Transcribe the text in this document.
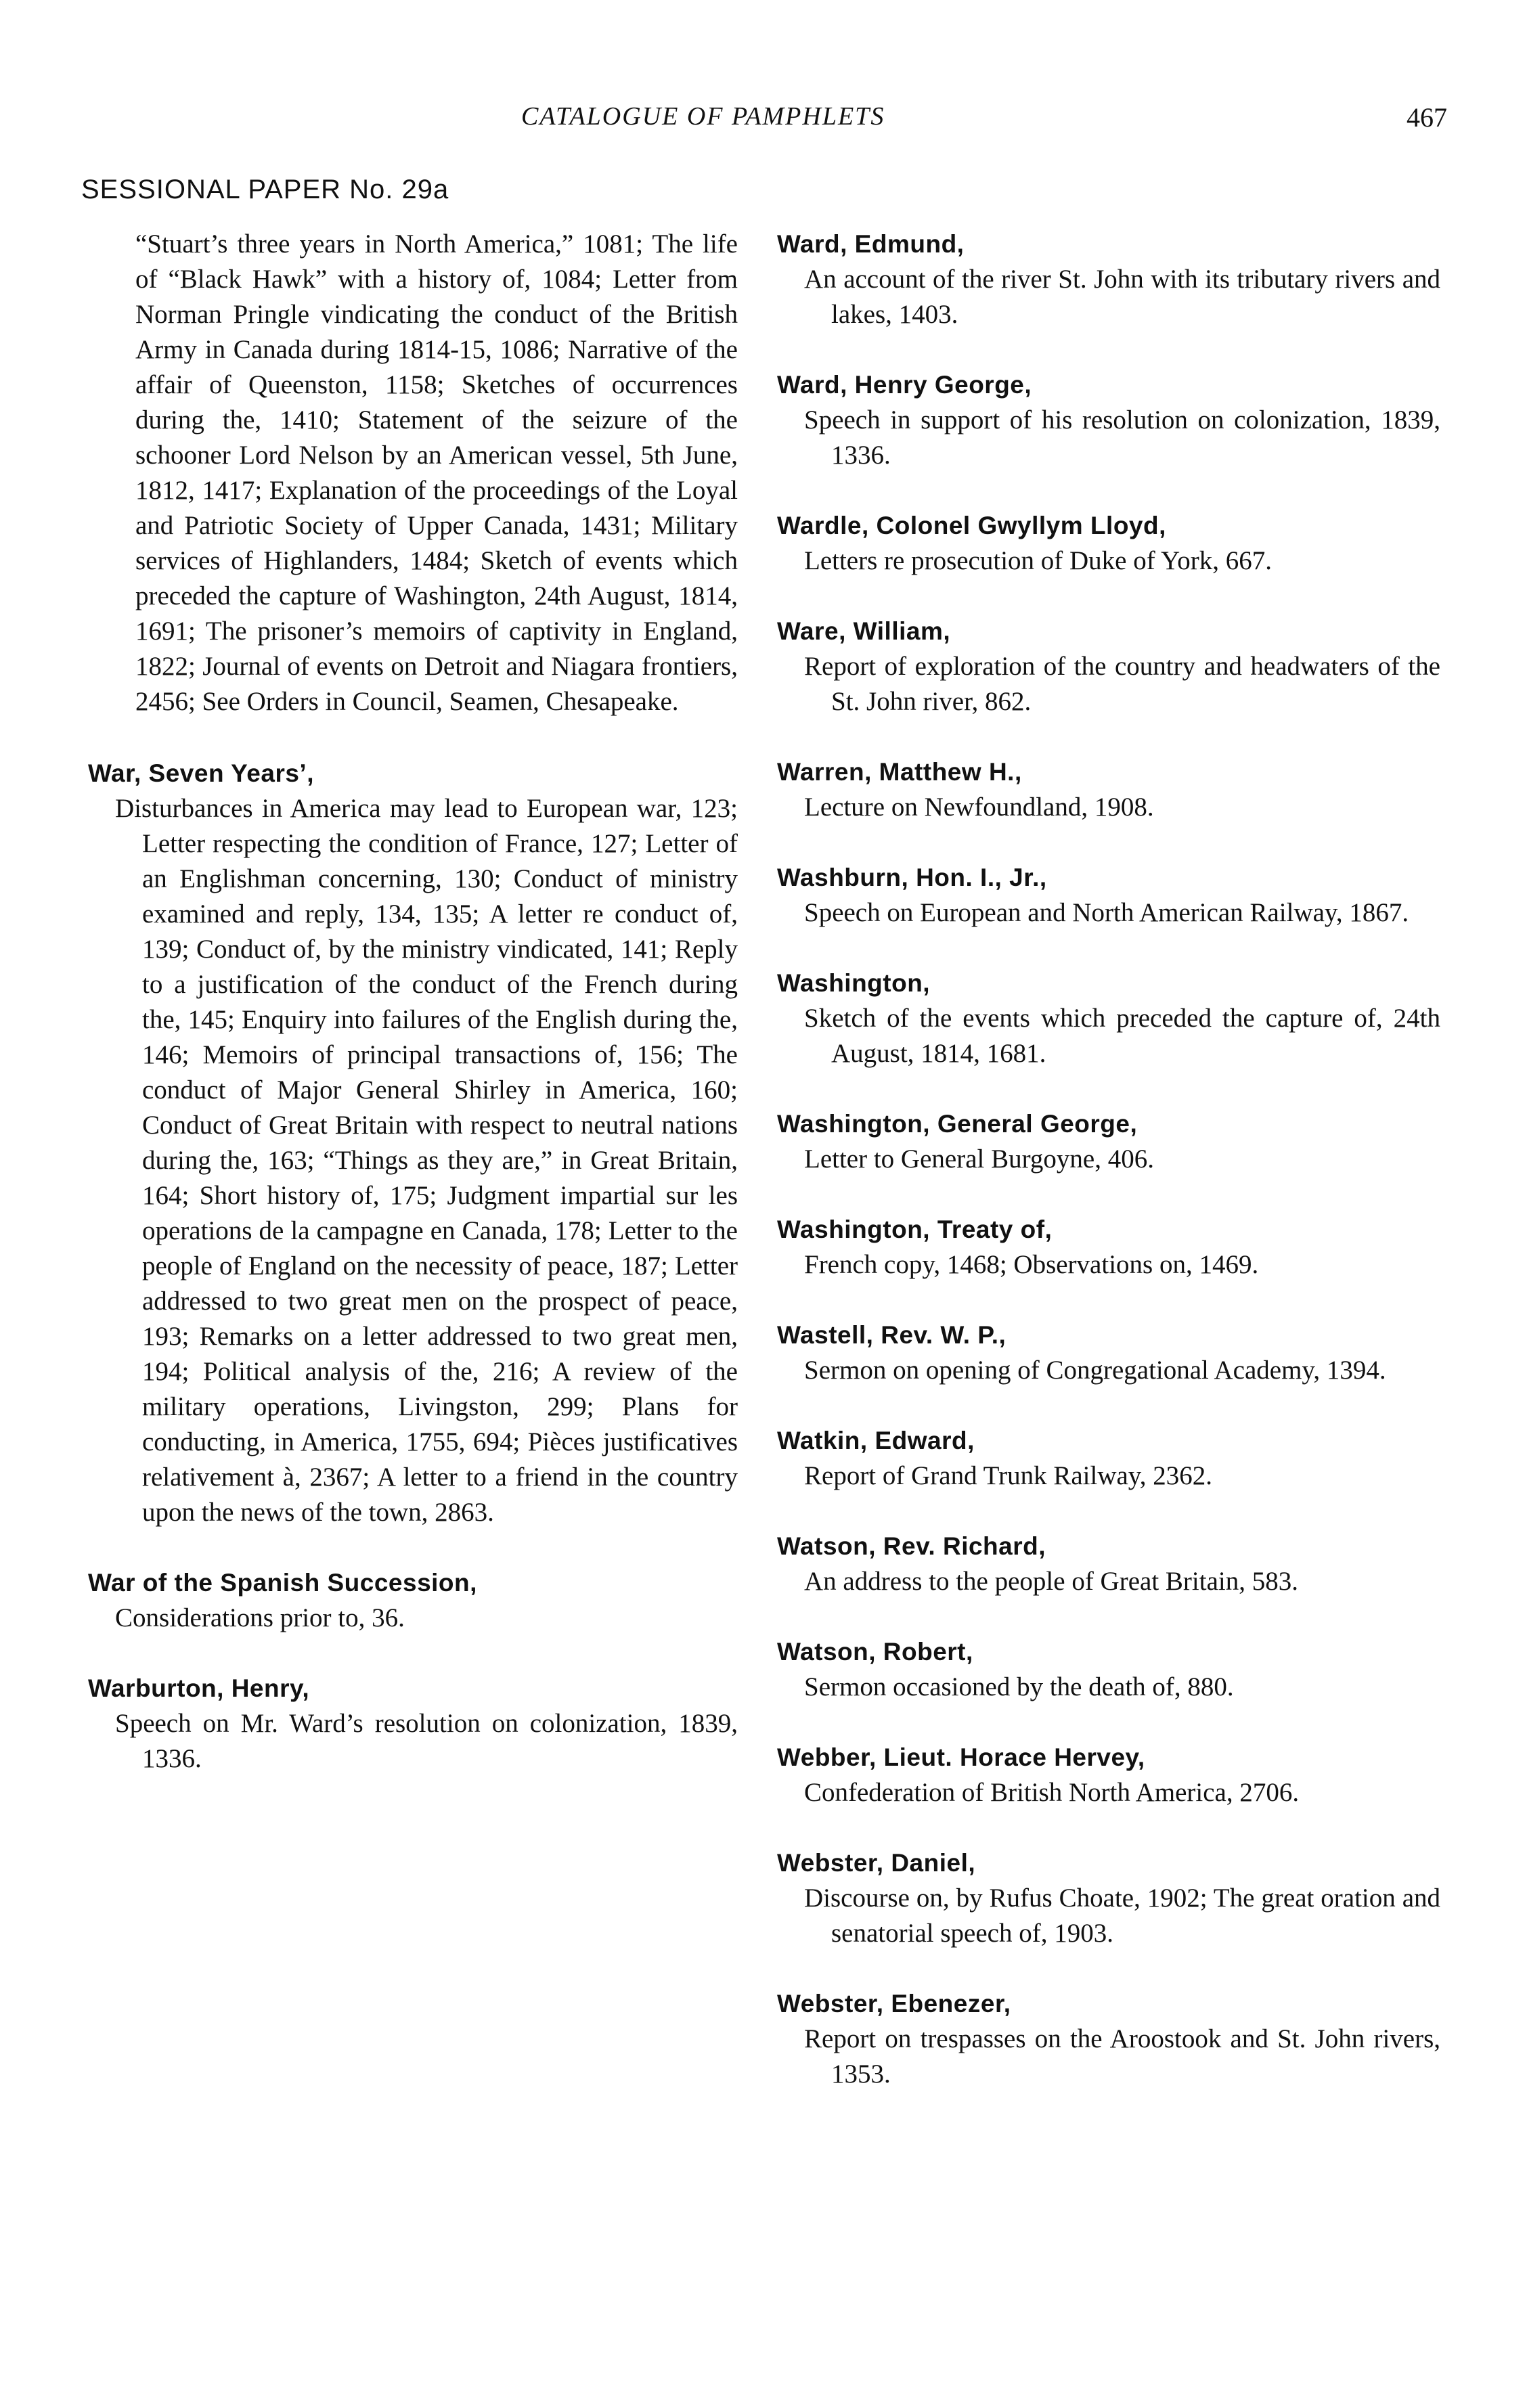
CATALOGUE OF PAMPHLETS	467
SESSIONAL PAPER No. 29a

“Stuart’s three years in North America,” 1081; The life of “Black Hawk” with a history of, 1084; Letter from Norman Pringle vindicating the conduct of the British Army in Canada during 1814-15, 1086; Narrative of the affair of Queenston, 1158; Sketches of occurrences during the, 1410; Statement of the seizure of the schooner Lord Nelson by an American vessel, 5th June, 1812, 1417; Explanation of the proceedings of the Loyal and Patriotic Society of Upper Canada, 1431; Military services of Highlanders, 1484; Sketch of events which preceded the capture of Washington, 24th August, 1814, 1691; The prisoner’s memoirs of captivity in England, 1822; Journal of events on Detroit and Niagara frontiers, 2456; See Orders in Council, Seamen, Chesapeake.

War, Seven Years’,

Disturbances in America may lead to European war, 123; Letter respecting the condition of France, 127; Letter of an Englishman concerning, 130; Conduct of ministry examined and reply, 134, 135; A letter re conduct of, 139; Conduct of, by the ministry vindicated, 141; Reply to a justification of the conduct of the French during the, 145; Enquiry into failures of the English during the, 146; Memoirs of principal transactions of, 156; The conduct of Major General Shirley in America, 160; Conduct of Great Britain with respect to neutral nations during the, 163; “Things as they are,” in Great Britain, 164; Short history of, 175; Judgment impartial sur les operations de la campagne en Canada, 178; Letter to the people of England on the necessity of peace, 187; Letter addressed to two great men on the prospect of peace, 193; Remarks on a letter addressed to two great men, 194; Political analysis of the, 216; A review of the military operations, Livingston, 299; Plans for conducting, in America, 1755, 694; Pièces justificatives relativement à, 2367; A letter to a friend in the country upon the news of the town, 2863.

War of the Spanish Succession,

Considerations prior to, 36.

Warburton, Henry,

Speech on Mr. Ward’s resolution on colonization, 1839, 1336.

Ward, Edmund,

An account of the river St. John with its tributary rivers and lakes, 1403.

Ward, Henry George,

Speech in support of his resolution on colonization, 1839, 1336.

Wardle, Colonel Gwyllym Lloyd,

Letters re prosecution of Duke of York, 667.

Ware, William,

Report of exploration of the country and headwaters of the St. John river, 862.

Warren, Matthew H.,

Lecture on Newfoundland, 1908.

Washburn, Hon. I., Jr.,

Speech on European and North American Railway, 1867.

Washington,

Sketch of the events which preceded the capture of, 24th August, 1814, 1681.

Washington, General George,

Letter to General Burgoyne, 406.

Washington, Treaty of,

French copy, 1468; Observations on, 1469.

Wastell, Rev. W. P.,

Sermon on opening of Congregational Academy, 1394.

Watkin, Edward,

Report of Grand Trunk Railway, 2362.

Watson, Rev. Richard,

An address to the people of Great Britain, 583.

Watson, Robert,

Sermon occasioned by the death of, 880.

Webber, Lieut. Horace Hervey,

Confederation of British North America, 2706.

Webster, Daniel,

Discourse on, by Rufus Choate, 1902; The great oration and senatorial speech of, 1903.

Webster, Ebenezer,

Report on trespasses on the Aroostook and St. John rivers, 1353.
